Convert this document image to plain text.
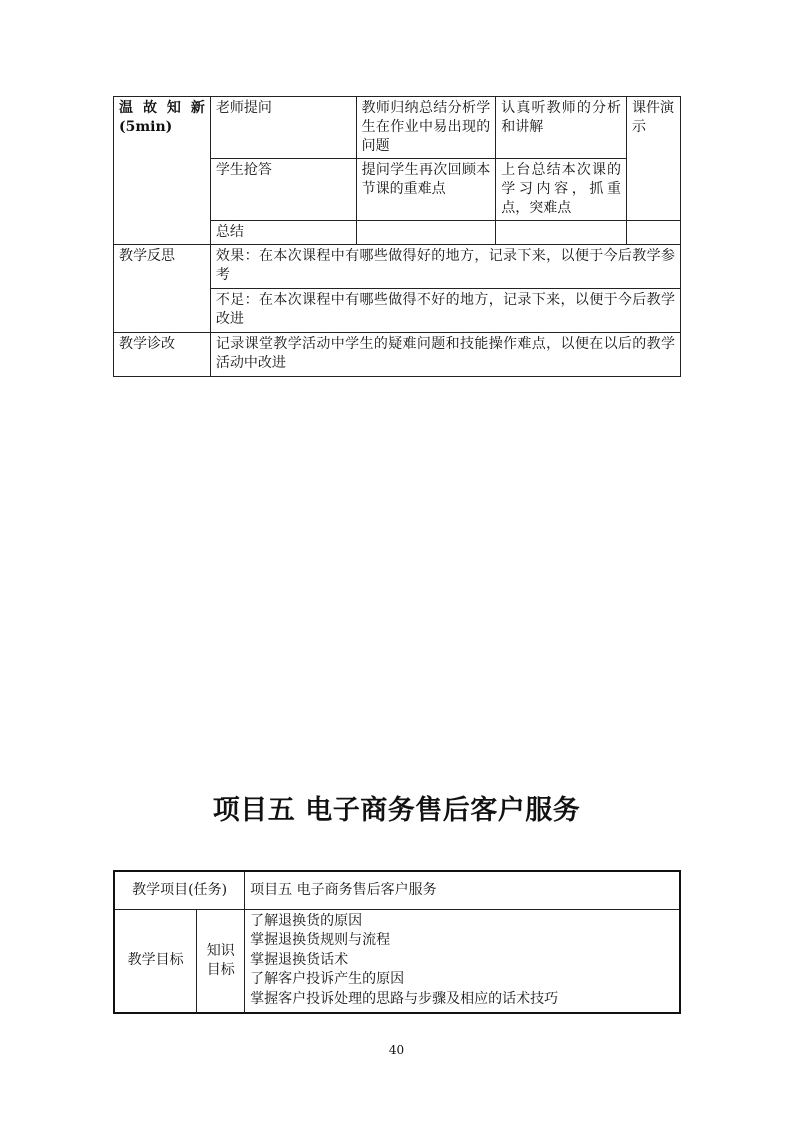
温故知新
(5min)	老师提问	教师归纳总结分析学生在作业中易出现的问题	认真听教师的分析和讲解	课件演示
	学生抢答	提问学生再次回顾本节课的重难点	上台总结本次课的学习内容，抓重点，突难点	
	总结			
教学反思	效果：在本次课程中有哪些做得好的地方，记录下来，以便于今后教学参考			
	不足：在本次课程中有哪些做得不好的地方，记录下来，以便于今后教学改进			
教学诊改	记录课堂教学活动中学生的疑难问题和技能操作难点，以便在以后的教学活动中改进			
项目五 电子商务售后客户服务
教学项目(任务)		项目五 电子商务售后客户服务
教学目标	知识目标	了解退换货的原因
掌握退换货规则与流程
掌握退换货话术
了解客户投诉产生的原因
掌握客户投诉处理的思路与步骤及相应的话术技巧
40
